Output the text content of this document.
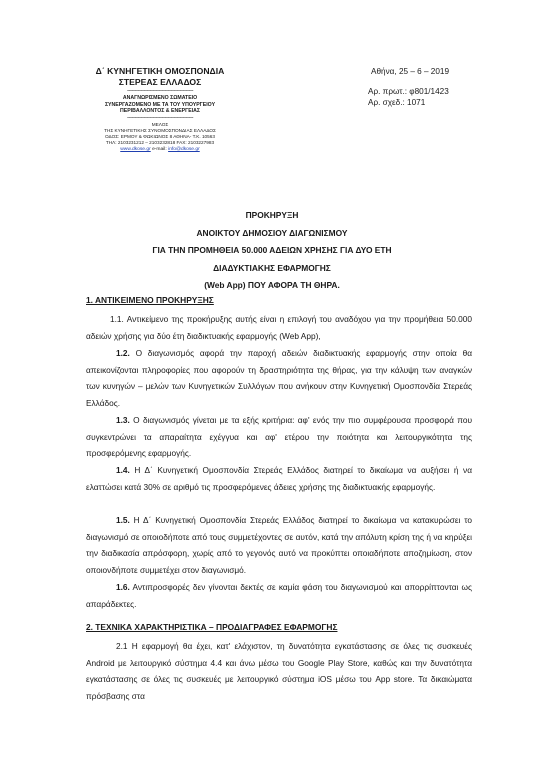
Δ΄ ΚΥΝΗΓΕΤΙΚΗ ΟΜΟΣΠΟΝΔΙΑ
ΣΤΕΡΕΑΣ ΕΛΛΑΔΟΣ
--------------------------------------------
ΑΝΑΓΝΩΡΙΣΜΕΝΟ ΣΩΜΑΤΕΙΟ
ΣΥΝΕΡΓΑΖΟΜΕΝΟ ΜΕ ΤΑ ΤΟΥ ΥΠΟΥΡΓΕΙΟΥ
ΠΕΡΙΒΑΛΛΟΝΤΟΣ & ΕΝΕΡΓΕΙΑΣ
--------------------------------------------
ΜΕΛΟΣ
ΤΗΣ ΚΥΝΗΓΕΤΙΚΗΣ ΣΥΝΟΜΟΣΠΟΝΔΙΑΣ ΕΛΛΑΔΟΣ
ΟΔΟΣ: ΕΡΜΟΥ & ΦΩΚΙΩΝΟΣ 8 ΑΘΗΝΑ- Τ.Κ. 10563
ΤΗΛ: 2103231212 – 2103232818 FAX: 2103227983
www.dkose.gr e-mail: info@dkose.gr
Αθήνα, 25 – 6 – 2019
Αρ. πρωτ.: φ801/1423
Αρ. σχεδ.: 1071
ΠΡΟΚΗΡΥΞΗ
ΑΝΟΙΚΤΟΥ ΔΗΜΟΣΙΟΥ ΔΙΑΓΩΝΙΣΜΟΥ
ΓΙΑ ΤΗΝ ΠΡΟΜΗΘΕΙΑ 50.000 ΑΔΕΙΩΝ ΧΡΗΣΗΣ ΓΙΑ ΔΥΟ ΕΤΗ
ΔΙΑΔΥΚΤΙΑΚΗΣ ΕΦΑΡΜΟΓΗΣ
(Web App) ΠΟΥ ΑΦΟΡΑ ΤΗ ΘΗΡΑ.
1. ΑΝΤΙΚΕΙΜΕΝΟ ΠΡΟΚΗΡΥΞΗΣ
1.1. Αντικείμενο της προκήρυξης αυτής είναι η επιλογή του αναδόχου για την προμήθεια 50.000 αδειών χρήσης για δύο έτη διαδικτυακής εφαρμογής (Web App),
1.2. Ο διαγωνισμός αφορά την παροχή αδειών διαδικτυακής εφαρμογής στην οποία θα απεικονίζονται πληροφορίες που αφορούν τη δραστηριότητα της θήρας, για την κάλυψη των αναγκών των κυνηγών – μελών των Κυνηγετικών Συλλόγων που ανήκουν στην Κυνηγετική Ομοσπονδία Στερεάς Ελλάδος.
1.3. Ο διαγωνισμός γίνεται με τα εξής κριτήρια: αφ' ενός την πιο συμφέρουσα προσφορά που συγκεντρώνει τα απαραίτητα εχέγγυα και αφ' ετέρου την ποιότητα και λειτουργικότητα της προσφερόμενης εφαρμογής.
1.4. Η Δ΄ Κυνηγετική Ομοσπονδία Στερεάς Ελλάδος διατηρεί το δικαίωμα να αυξήσει ή να ελαττώσει κατά 30% σε αριθμό τις προσφερόμενες άδειες χρήσης της διαδικτυακής εφαρμογής.
1.5. Η Δ΄ Κυνηγετική Ομοσπονδία Στερεάς Ελλάδος διατηρεί το δικαίωμα να κατακυρώσει το διαγωνισμό σε οποιοδήποτε από τους συμμετέχοντες σε αυτόν, κατά την απόλυτη κρίση της ή να κηρύξει την διαδικασία απρόσφορη, χωρίς από το γεγονός αυτό να προκύπτει οποιαδήποτε αποζημίωση, στον οποιονδήποτε συμμετέχει στον διαγωνισμό.
1.6. Αντιπροσφορές δεν γίνονται δεκτές σε καμία φάση του διαγωνισμού και απορρίπτονται ως απαράδεκτες.
2. ΤΕΧΝΙΚΑ ΧΑΡΑΚΤΗΡΙΣΤΙΚΑ – ΠΡΟΔΙΑΓΡΑΦΕΣ ΕΦΑΡΜΟΓΗΣ
2.1 Η εφαρμογή θα έχει, κατ' ελάχιστον, τη δυνατότητα εγκατάστασης σε όλες τις συσκευές Android με λειτουργικό σύστημα 4.4 και άνω μέσω του Google Play Store, καθώς και την δυνατότητα εγκατάστασης σε όλες τις συσκευές με λειτουργικό σύστημα iOS μέσω του App store. Τα δικαιώματα πρόσβασης στα
